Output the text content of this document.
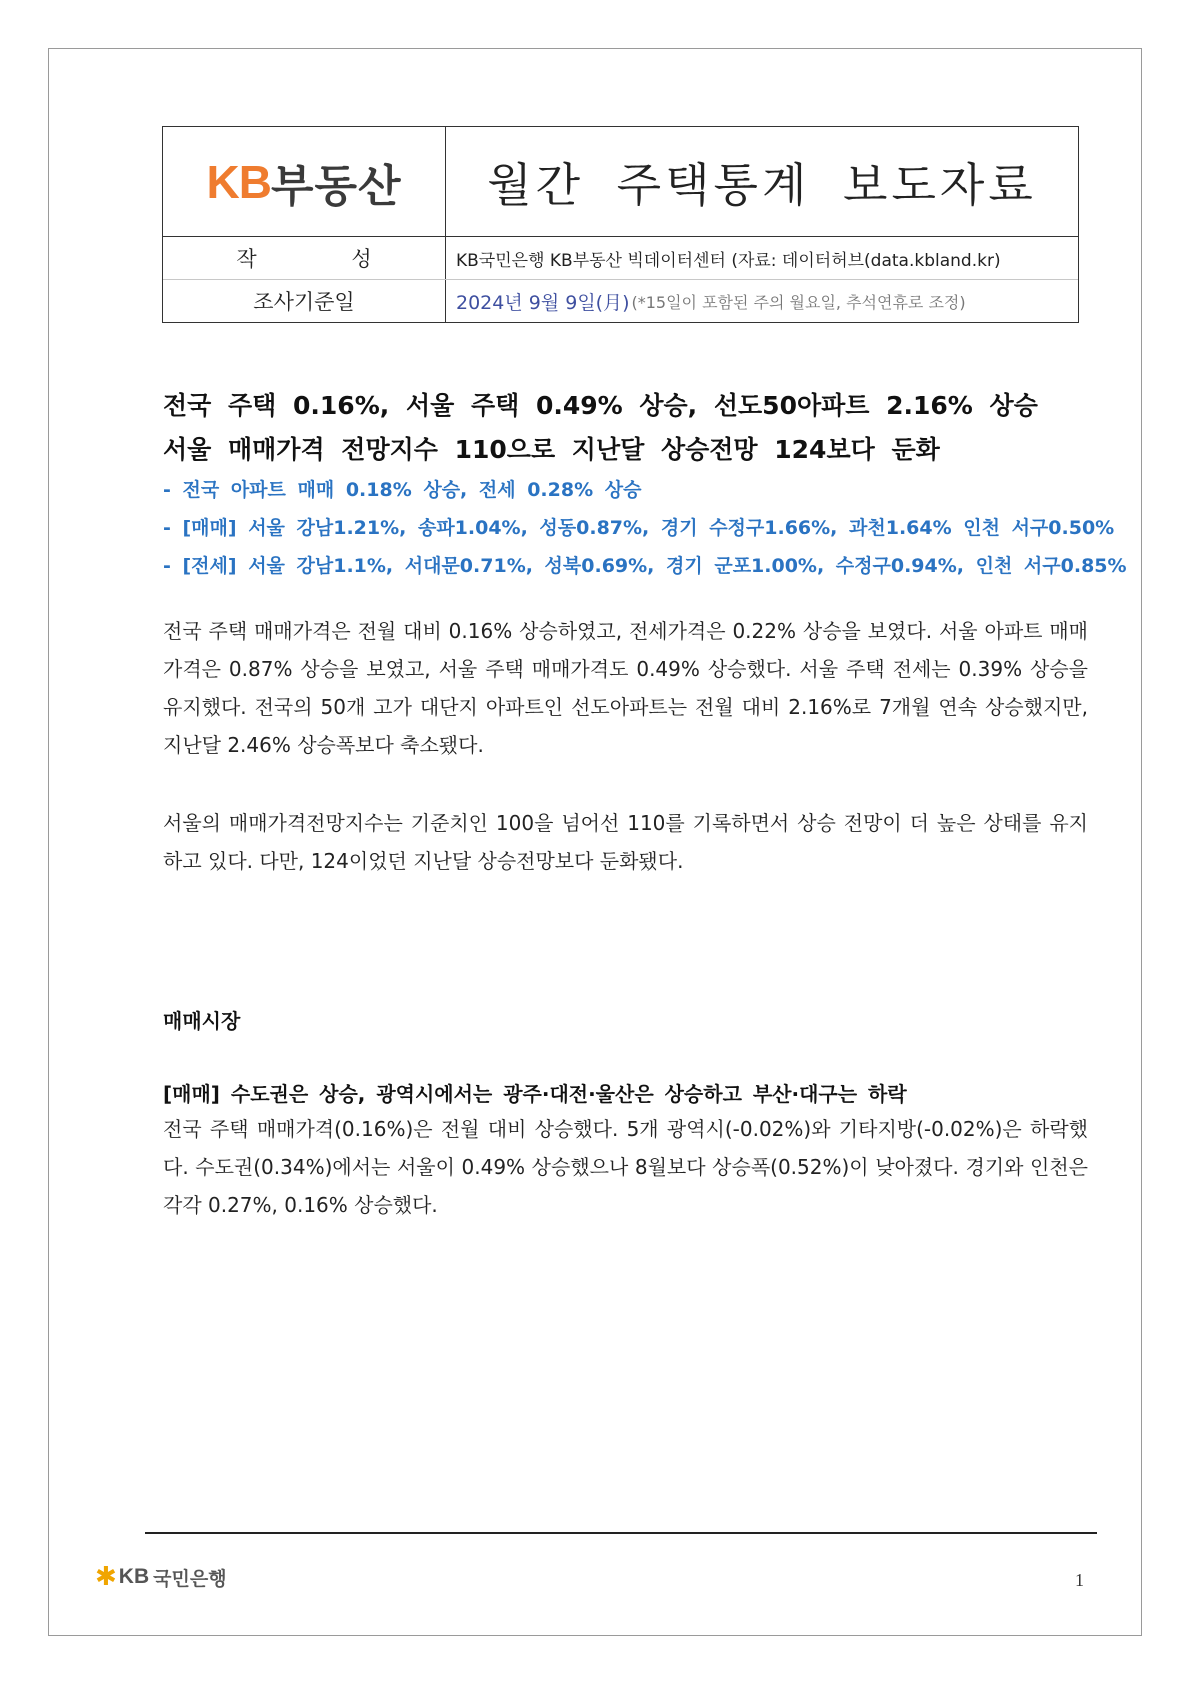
KB 부동산	월간 주택통계 보도자료
작 성	KB국민은행 KB부동산 빅데이터센터 (자료: 데이터허브(data.kbland.kr)
조사기준일	2024년 9월 9일(月) (*15일이 포함된 주의 월요일, 추석연휴로 조정)
전국 주택 0.16%, 서울 주택 0.49% 상승, 선도50아파트 2.16% 상승
서울 매매가격 전망지수 110으로 지난달 상승전망 124보다 둔화
- 전국 아파트 매매 0.18% 상승, 전세 0.28% 상승
- [매매] 서울 강남1.21%, 송파1.04%, 성동0.87%, 경기 수정구1.66%, 과천1.64% 인천 서구0.50%
- [전세] 서울 강남1.1%, 서대문0.71%, 성북0.69%, 경기 군포1.00%, 수정구0.94%, 인천 서구0.85%

전국 주택 매매가격은 전월 대비 0.16% 상승하였고, 전세가격은 0.22% 상승을 보였다. 서울 아파트 매매가격은 0.87% 상승을 보였고, 서울 주택 매매가격도 0.49% 상승했다. 서울 주택 전세는 0.39% 상승을 유지했다. 전국의 50개 고가 대단지 아파트인 선도아파트는 전월 대비 2.16%로 7개월 연속 상승했지만, 지난달 2.46% 상승폭보다 축소됐다.

서울의 매매가격전망지수는 기준치인 100을 넘어선 110를 기록하면서 상승 전망이 더 높은 상태를 유지하고 있다. 다만, 124이었던 지난달 상승전망보다 둔화됐다.

매매시장
[매매] 수도권은 상승, 광역시에서는 광주·대전·울산은 상승하고 부산·대구는 하락

전국 주택 매매가격(0.16%)은 전월 대비 상승했다. 5개 광역시(-0.02%)와 기타지방(-0.02%)은 하락했다. 수도권(0.34%)에서는 서울이 0.49% 상승했으나 8월보다 상승폭(0.52%)이 낮아졌다. 경기와 인천은 각각 0.27%, 0.16% 상승했다.

✱ KB 국민은행	1
